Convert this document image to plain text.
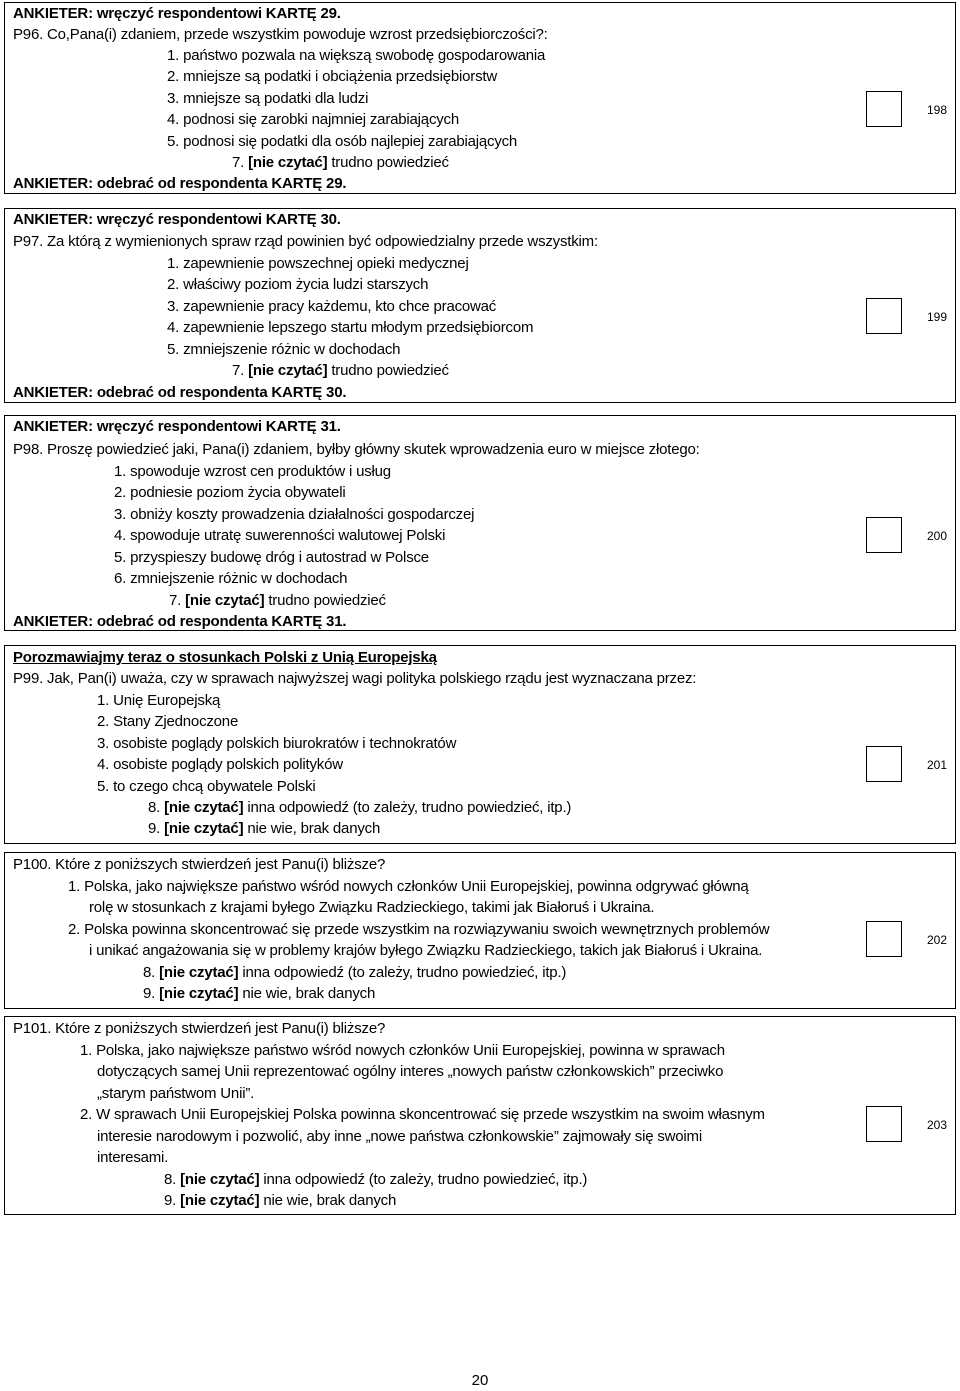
ANKIETER: wręczyć respondentowi KARTĘ 29.
P96. Co,Pana(i) zdaniem, przede wszystkim powoduje wzrost przedsiębiorczości?:
1. państwo pozwala na większą swobodę gospodarowania
2. mniejsze są podatki i obciążenia przedsiębiorstw
3. mniejsze są podatki dla ludzi
4. podnosi się zarobki najmniej zarabiających
5. podnosi się podatki dla osób najlepiej zarabiających
7. [nie czytać] trudno powiedzieć
ANKIETER: odebrać od respondenta KARTĘ 29.
198
ANKIETER: wręczyć respondentowi KARTĘ 30.
P97. Za którą z wymienionych spraw rząd powinien być odpowiedzialny przede wszystkim:
1. zapewnienie powszechnej opieki medycznej
2. właściwy poziom życia ludzi starszych
3. zapewnienie pracy każdemu, kto chce pracować
4. zapewnienie lepszego startu młodym przedsiębiorcom
5. zmniejszenie różnic w dochodach
7. [nie czytać] trudno powiedzieć
ANKIETER: odebrać od respondenta KARTĘ 30.
199
ANKIETER: wręczyć respondentowi KARTĘ 31.
P98. Proszę powiedzieć jaki, Pana(i) zdaniem, byłby główny skutek wprowadzenia euro w miejsce złotego:
1. spowoduje wzrost cen produktów i usług
2. podniesie poziom życia obywateli
3. obniży koszty prowadzenia działalności gospodarczej
4. spowoduje utratę suwerenności walutowej Polski
5. przyspieszy budowę dróg i autostrad w Polsce
6. zmniejszenie różnic w dochodach
7. [nie czytać] trudno powiedzieć
ANKIETER: odebrać od respondenta KARTĘ 31.
200
Porozmawiajmy teraz o stosunkach Polski z Unią Europejską
P99. Jak, Pan(i) uważa, czy w sprawach najwyższej wagi polityka polskiego rządu jest wyznaczana przez:
1. Unię Europejską
2. Stany Zjednoczone
3. osobiste poglądy polskich biurokratów i technokratów
4. osobiste poglądy polskich polityków
5. to czego chcą obywatele Polski
8. [nie czytać] inna odpowiedź (to zależy, trudno powiedzieć, itp.)
9. [nie czytać] nie wie, brak danych
201
P100. Które z poniższych stwierdzeń jest Panu(i) bliższe?
1. Polska, jako największe państwo wśród nowych członków Unii Europejskiej, powinna odgrywać główną
rolę w stosunkach z krajami byłego Związku Radzieckiego, takimi jak Białoruś i Ukraina.
2. Polska powinna skoncentrować się przede wszystkim na rozwiązywaniu swoich wewnętrznych problemów
i unikać angażowania się w problemy krajów byłego Związku Radzieckiego, takich jak Białoruś i Ukraina.
8. [nie czytać] inna odpowiedź (to zależy, trudno powiedzieć, itp.)
9. [nie czytać] nie wie, brak danych
202
P101. Które z poniższych stwierdzeń jest Panu(i) bliższe?
1. Polska, jako największe państwo wśród nowych członków Unii Europejskiej, powinna w sprawach
dotyczących samej Unii reprezentować ogólny interes „nowych państw członkowskich” przeciwko
„starym państwom Unii”.
2. W sprawach Unii Europejskiej Polska powinna skoncentrować się przede wszystkim na swoim własnym
interesie narodowym i pozwolić, aby inne „nowe państwa członkowskie” zajmowały się swoimi
interesami.
8. [nie czytać] inna odpowiedź (to zależy, trudno powiedzieć, itp.)
9. [nie czytać] nie wie, brak danych
203
20
